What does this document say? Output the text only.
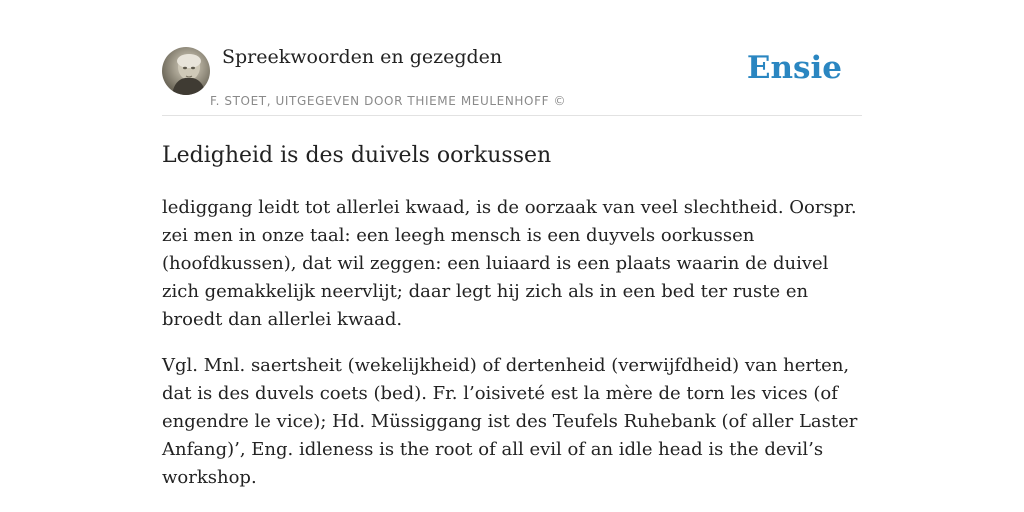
Spreekwoorden en gezegden
F. STOET, UITGEGEVEN DOOR THIEME MEULENHOFF ©
Ensie
Ledigheid is des duivels oorkussen

lediggang leidt tot allerlei kwaad, is de oorzaak van veel slechtheid. Oorspr. zei men in onze taal: een leegh mensch is een duyvels oorkussen (hoofdkussen), dat wil zeggen: een luiaard is een plaats waarin de duivel zich gemakkelijk neervlijt; daar legt hij zich als in een bed ter ruste en broedt dan allerlei kwaad.

Vgl. Mnl. saertsheit (wekelijkheid) of dertenheid (verwijfdheid) van herten, dat is des duvels coets (bed). Fr. l’oisiveté est la mère de torn les vices (of engendre le vice); Hd. Müssiggang ist des Teufels Ruhebank (of aller Laster Anfang)’, Eng. idleness is the root of all evil of an idle head is the devil’s workshop.
